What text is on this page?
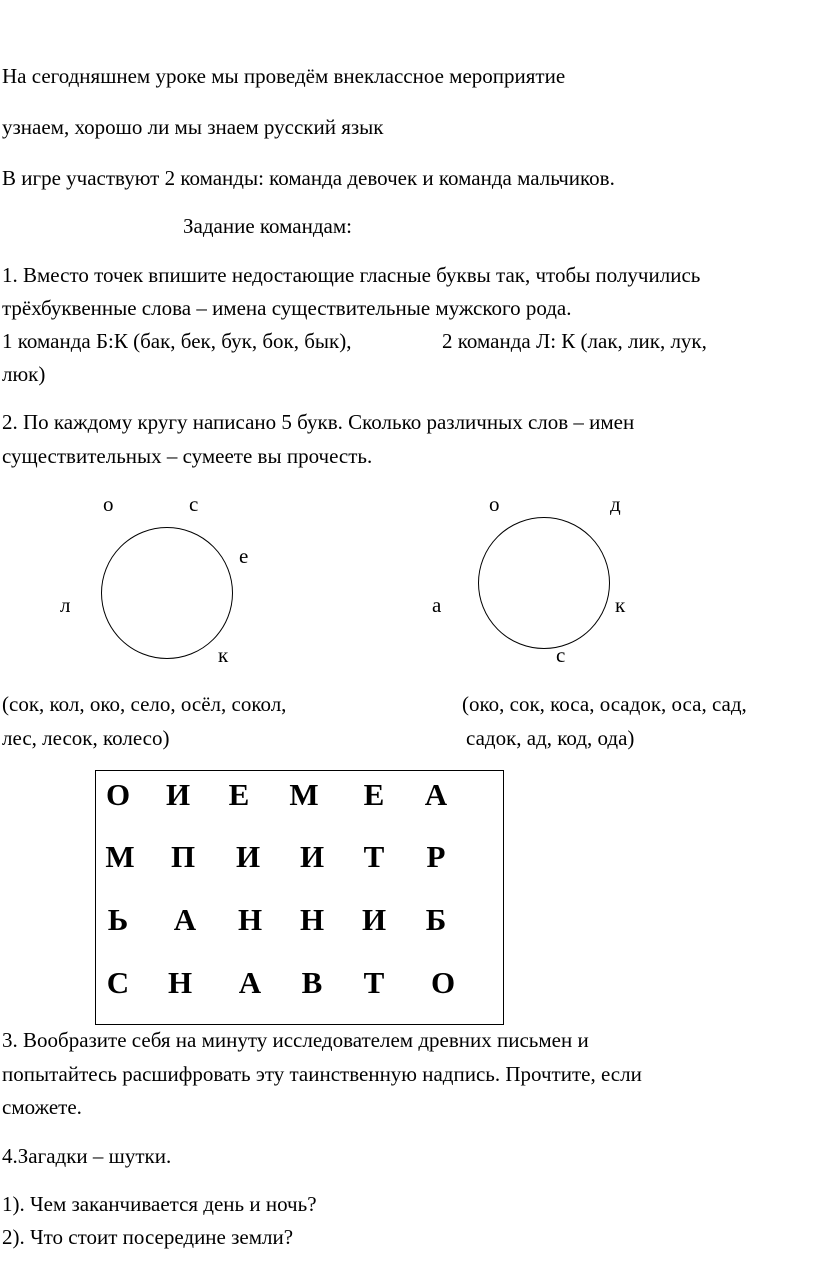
На сегодняшнем уроке мы проведём внеклассное мероприятие
узнаем, хорошо ли мы знаем русский язык
В игре участвуют 2 команды: команда девочек и команда мальчиков.
Задание командам:
1. Вместо точек впишите недостающие гласные буквы так, чтобы получились
трёхбуквенные слова – имена существительные мужского рода.
1 команда Б:К (бак, бек, бук, бок, бык),	2 команда Л: К (лак, лик, лук,
люк)
2. По каждому кругу написано 5 букв. Сколько различных слов – имен
существительных – сумеете вы прочесть.
о	с
е
л
к
о	д
а	к
с
(сок, кол, око, село, осёл, сокол,
лес, лесок, колесо)
(око, сок, коса, осадок, оса, сад,
садок, ад, код, ода)
О И	Е	М	Е	А
М П И И	Т	Р
Ь	А Н Н И	Б
С Н А	В	Т	О
3. Вообразите себя на минуту исследователем древних письмен и
попытайтесь расшифровать эту таинственную надпись. Прочтите, если
сможете.
4.Загадки – шутки.
1). Чем заканчивается день и ночь?
2). Что стоит посередине земли?
